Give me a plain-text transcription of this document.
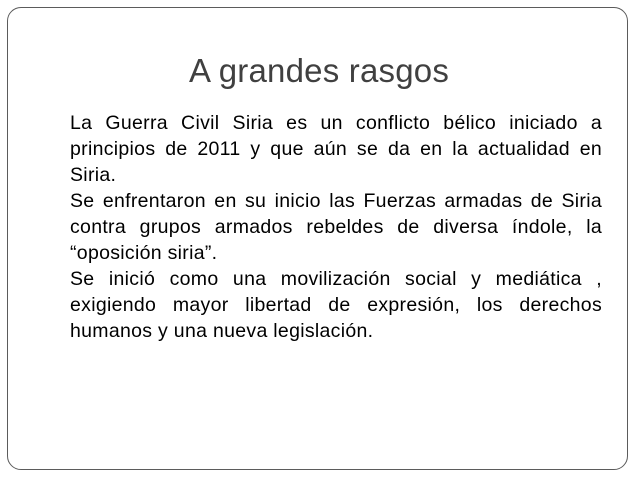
A grandes rasgos
La Guerra Civil Siria es un conflicto bélico iniciado a principios de 2011 y que aún se da en la actualidad en Siria.
Se enfrentaron en su inicio las Fuerzas armadas de Siria contra grupos armados rebeldes de diversa índole, la “oposición siria”.
Se inició como una movilización social y mediática , exigiendo mayor libertad de expresión, los derechos humanos y una nueva legislación.
